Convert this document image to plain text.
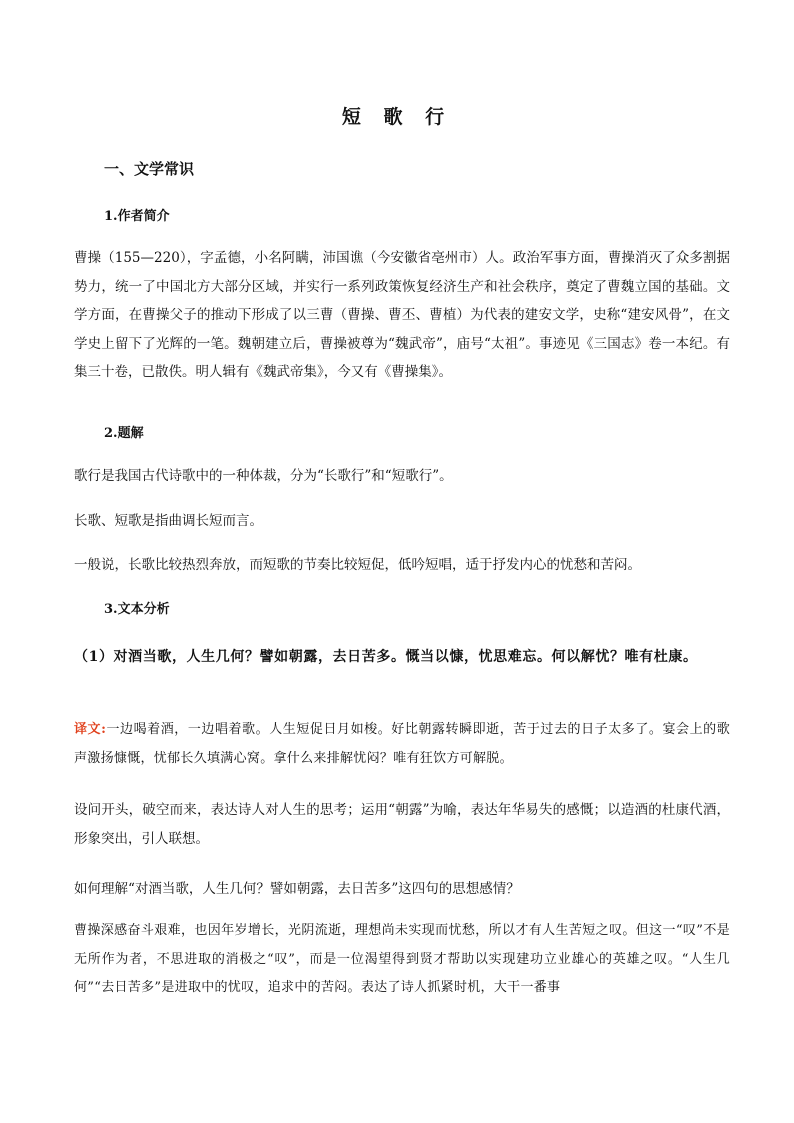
短 歌 行
一、文学常识
1.作者简介

曹操（155—220），字孟德，小名阿瞒，沛国谯（今安徽省亳州市）人。政治军事方面，曹操消灭了众多割据势力，统一了中国北方大部分区域，并实行一系列政策恢复经济生产和社会秩序，奠定了曹魏立国的基础。文学方面，在曹操父子的推动下形成了以三曹（曹操、曹丕、曹植）为代表的建安文学，史称“建安风骨”，在文学史上留下了光辉的一笔。魏朝建立后，曹操被尊为“魏武帝”，庙号“太祖”。事迹见《三国志》卷一本纪。有集三十卷，已散佚。明人辑有《魏武帝集》，今又有《曹操集》。

2.题解

歌行是我国古代诗歌中的一种体裁，分为“长歌行”和“短歌行”。

长歌、短歌是指曲调长短而言。

一般说，长歌比较热烈奔放，而短歌的节奏比较短促，低吟短唱，适于抒发内心的忧愁和苦闷。

3.文本分析

（1）对酒当歌，人生几何？譬如朝露，去日苦多。慨当以慷，忧思难忘。何以解忧？唯有杜康。

译文:一边喝着酒，一边唱着歌。人生短促日月如梭。好比朝露转瞬即逝，苦于过去的日子太多了。宴会上的歌声激扬慷慨，忧郁长久填满心窝。拿什么来排解忧闷？唯有狂饮方可解脱。

设问开头，破空而来，表达诗人对人生的思考；运用“朝露”为喻，表达年华易失的感慨；以造酒的杜康代酒，形象突出，引人联想。

如何理解“对酒当歌，人生几何？譬如朝露，去日苦多”这四句的思想感情？

曹操深感奋斗艰难，也因年岁增长，光阴流逝，理想尚未实现而忧愁，所以才有人生苦短之叹。但这一“叹”不是无所作为者，不思进取的消极之“叹”，而是一位渴望得到贤才帮助以实现建功立业雄心的英雄之叹。“人生几何”“去日苦多”是进取中的忧叹，追求中的苦闷。表达了诗人抓紧时机，大干一番事
